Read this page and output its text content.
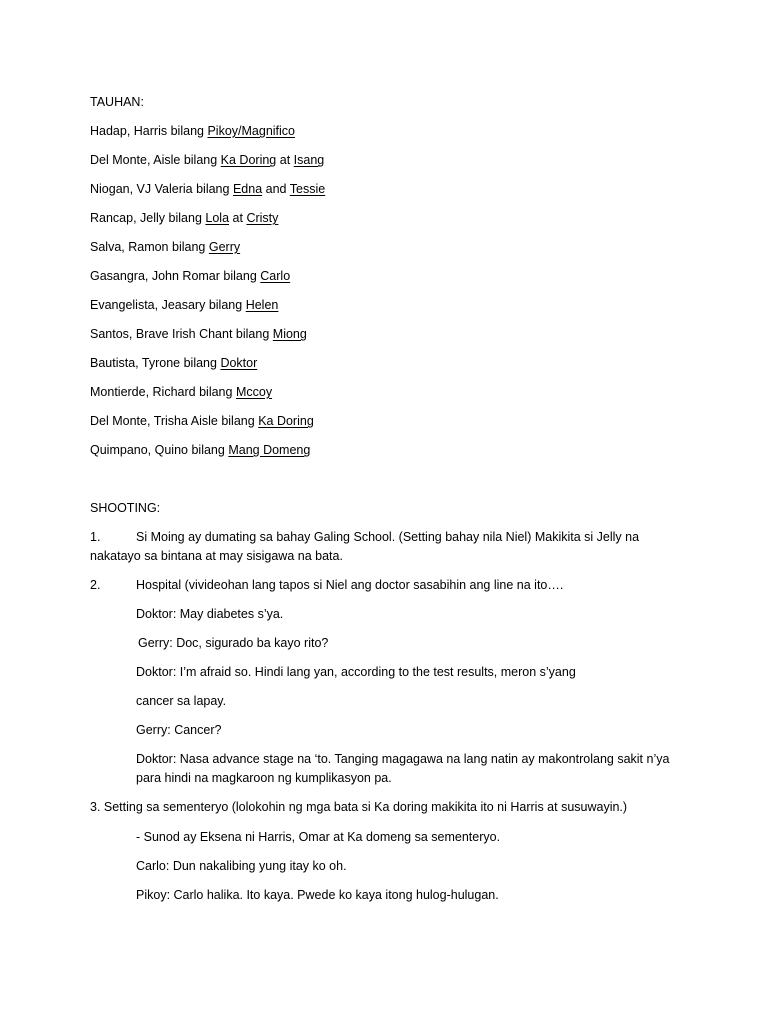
TAUHAN:
Hadap, Harris bilang Pikoy/Magnifico
Del Monte, Aisle bilang Ka Doring at Isang
Niogan, VJ Valeria bilang Edna and Tessie
Rancap, Jelly bilang Lola at Cristy
Salva, Ramon bilang Gerry
Gasangra, John Romar bilang Carlo
Evangelista, Jeasary bilang Helen
Santos, Brave Irish Chant bilang Miong
Bautista, Tyrone bilang Doktor
Montierde, Richard bilang Mccoy
Del Monte, Trisha Aisle bilang Ka Doring
Quimpano, Quino bilang Mang Domeng
SHOOTING:
1.	Si Moing ay dumating sa bahay Galing School. (Setting bahay nila Niel) Makikita si Jelly na
nakatayo sa bintana at may sisigawa na bata.
2.	Hospital (vivideohan lang tapos si Niel ang doctor sasabihin ang line na ito….
Doktor: May diabetes s’ya.
Gerry: Doc, sigurado ba kayo rito?
Doktor: I’m afraid so. Hindi lang yan, according to the test results, meron s’yang
cancer sa lapay.
Gerry: Cancer?
Doktor: Nasa advance stage na ‘to. Tanging magagawa na lang natin ay makontrolang sakit n’ya
para hindi na magkaroon ng kumplikasyon pa.
3. Setting sa sementeryo (lolokohin ng mga bata si Ka doring makikita ito ni Harris at susuwayin.)
- Sunod ay Eksena ni Harris, Omar at Ka domeng sa sementeryo.
Carlo: Dun nakalibing yung itay ko oh.
Pikoy: Carlo halika. Ito kaya. Pwede ko kaya itong hulog-hulugan.
